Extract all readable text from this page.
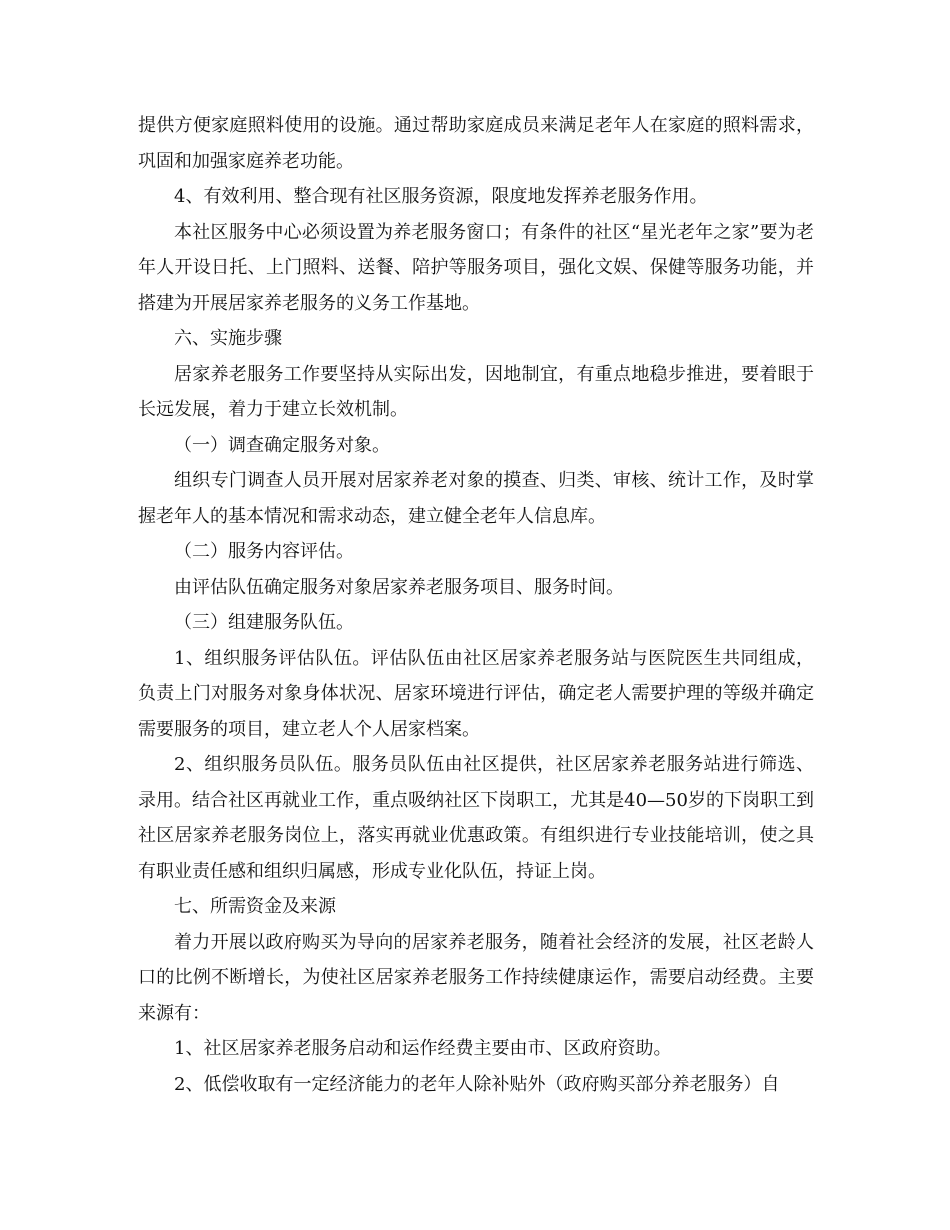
提供方便家庭照料使用的设施。通过帮助家庭成员来满足老年人在家庭的照料需求，巩固和加强家庭养老功能。

4、有效利用、整合现有社区服务资源，限度地发挥养老服务作用。

本社区服务中心必须设置为养老服务窗口；有条件的社区“星光老年之家”要为老年人开设日托、上门照料、送餐、陪护等服务项目，强化文娱、保健等服务功能，并搭建为开展居家养老服务的义务工作基地。

六、实施步骤

居家养老服务工作要坚持从实际出发，因地制宜，有重点地稳步推进，要着眼于长远发展，着力于建立长效机制。

（一）调查确定服务对象。

组织专门调查人员开展对居家养老对象的摸查、归类、审核、统计工作，及时掌握老年人的基本情况和需求动态，建立健全老年人信息库。

（二）服务内容评估。

由评估队伍确定服务对象居家养老服务项目、服务时间。

（三）组建服务队伍。

1、组织服务评估队伍。评估队伍由社区居家养老服务站与医院医生共同组成，负责上门对服务对象身体状况、居家环境进行评估，确定老人需要护理的等级并确定需要服务的项目，建立老人个人居家档案。

2、组织服务员队伍。服务员队伍由社区提供，社区居家养老服务站进行筛选、录用。结合社区再就业工作，重点吸纳社区下岗职工，尤其是40—50岁的下岗职工到社区居家养老服务岗位上，落实再就业优惠政策。有组织进行专业技能培训，使之具有职业责任感和组织归属感，形成专业化队伍，持证上岗。

七、所需资金及来源

着力开展以政府购买为导向的居家养老服务，随着社会经济的发展，社区老龄人口的比例不断增长，为使社区居家养老服务工作持续健康运作，需要启动经费。主要来源有：

1、社区居家养老服务启动和运作经费主要由市、区政府资助。

2、低偿收取有一定经济能力的老年人除补贴外（政府购买部分养老服务）自
